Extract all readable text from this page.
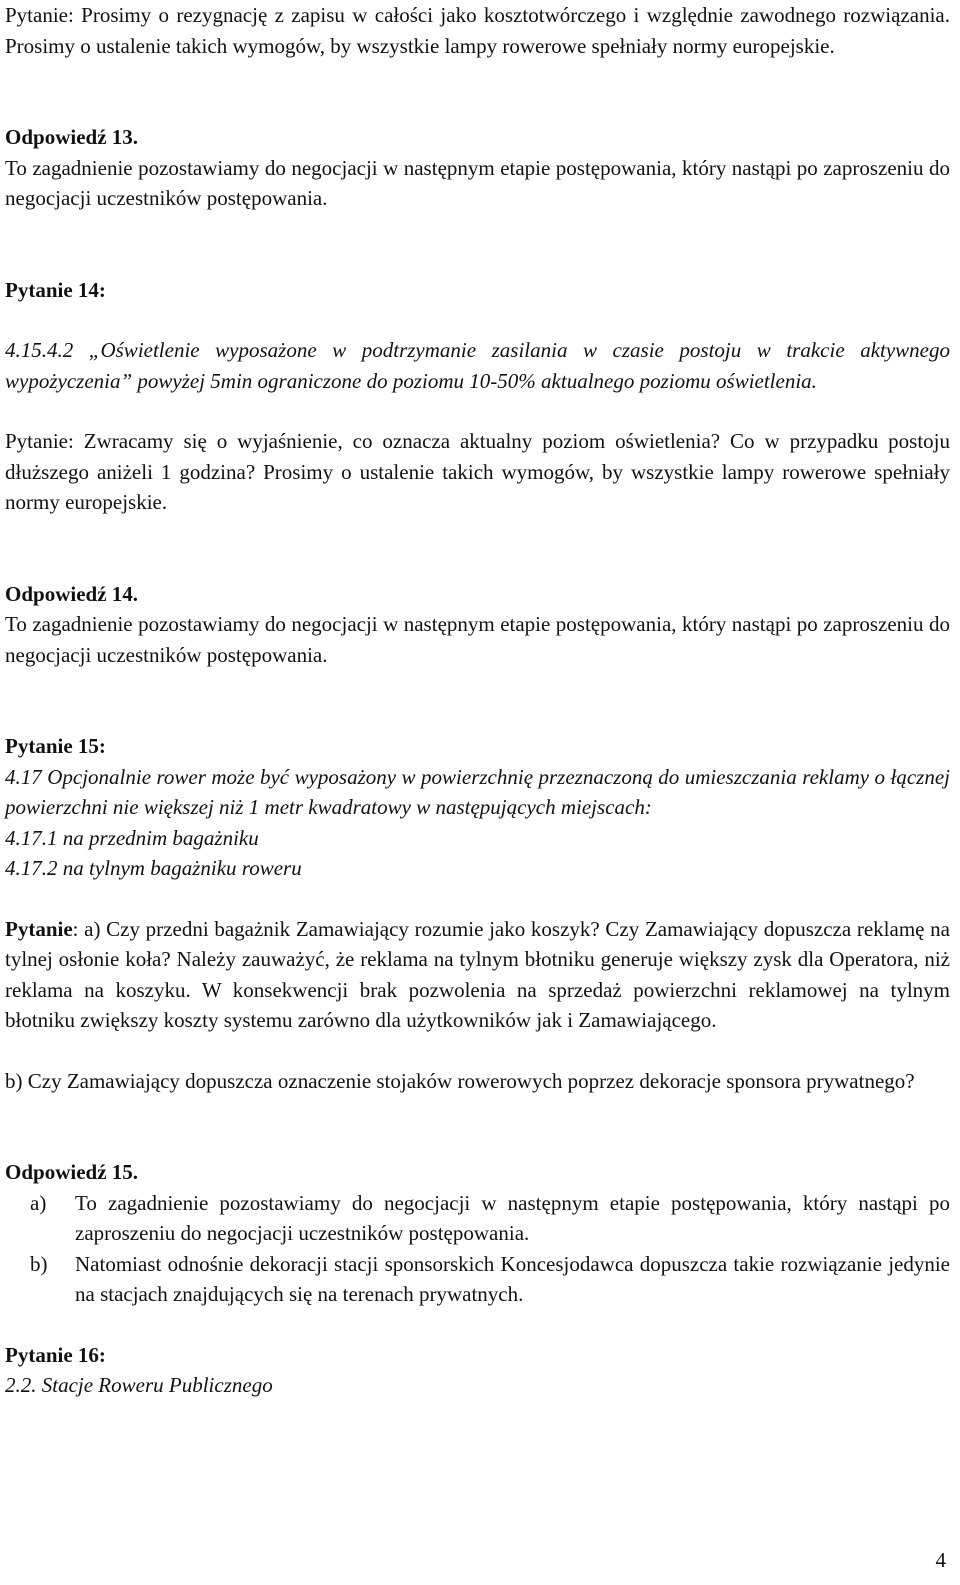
Pytanie: Prosimy o rezygnację z zapisu w całości jako kosztotwórczego i względnie zawodnego rozwiązania. Prosimy o ustalenie takich wymogów, by wszystkie lampy rowerowe spełniały normy europejskie.

Odpowiedź 13.

To zagadnienie pozostawiamy do negocjacji w następnym etapie postępowania, który nastąpi po zaproszeniu do negocjacji uczestników postępowania.

Pytanie 14:

4.15.4.2 „Oświetlenie wyposażone w podtrzymanie zasilania w czasie postoju w trakcie aktywnego wypożyczenia” powyżej 5min ograniczone do poziomu 10-50% aktualnego poziomu oświetlenia.

Pytanie: Zwracamy się o wyjaśnienie, co oznacza aktualny poziom oświetlenia? Co w przypadku postoju dłuższego aniżeli 1 godzina? Prosimy o ustalenie takich wymogów, by wszystkie lampy rowerowe spełniały normy europejskie.

Odpowiedź 14.

To zagadnienie pozostawiamy do negocjacji w następnym etapie postępowania, który nastąpi po zaproszeniu do negocjacji uczestników postępowania.

Pytanie 15:

4.17 Opcjonalnie rower może być wyposażony w powierzchnię przeznaczoną do umieszczania reklamy o łącznej powierzchni nie większej niż 1 metr kwadratowy w następujących miejscach:

4.17.1 na przednim bagażniku

4.17.2 na tylnym bagażniku roweru

Pytanie: a) Czy przedni bagażnik Zamawiający rozumie jako koszyk? Czy Zamawiający dopuszcza reklamę na tylnej osłonie koła? Należy zauważyć, że reklama na tylnym błotniku generuje większy zysk dla Operatora, niż reklama na koszyku. W konsekwencji brak pozwolenia na sprzedaż powierzchni reklamowej na tylnym błotniku zwiększy koszty systemu zarówno dla użytkowników jak i Zamawiającego.

b) Czy Zamawiający dopuszcza oznaczenie stojaków rowerowych poprzez dekoracje sponsora prywatnego?

Odpowiedź 15.

a)	To zagadnienie pozostawiamy do negocjacji w następnym etapie postępowania, który nastąpi po zaproszeniu do negocjacji uczestników postępowania.
b)	Natomiast odnośnie dekoracji stacji sponsorskich Koncesjodawca dopuszcza takie rozwiązanie jedynie na stacjach znajdujących się na terenach prywatnych.

Pytanie 16:

2.2. Stacje Roweru Publicznego

4
